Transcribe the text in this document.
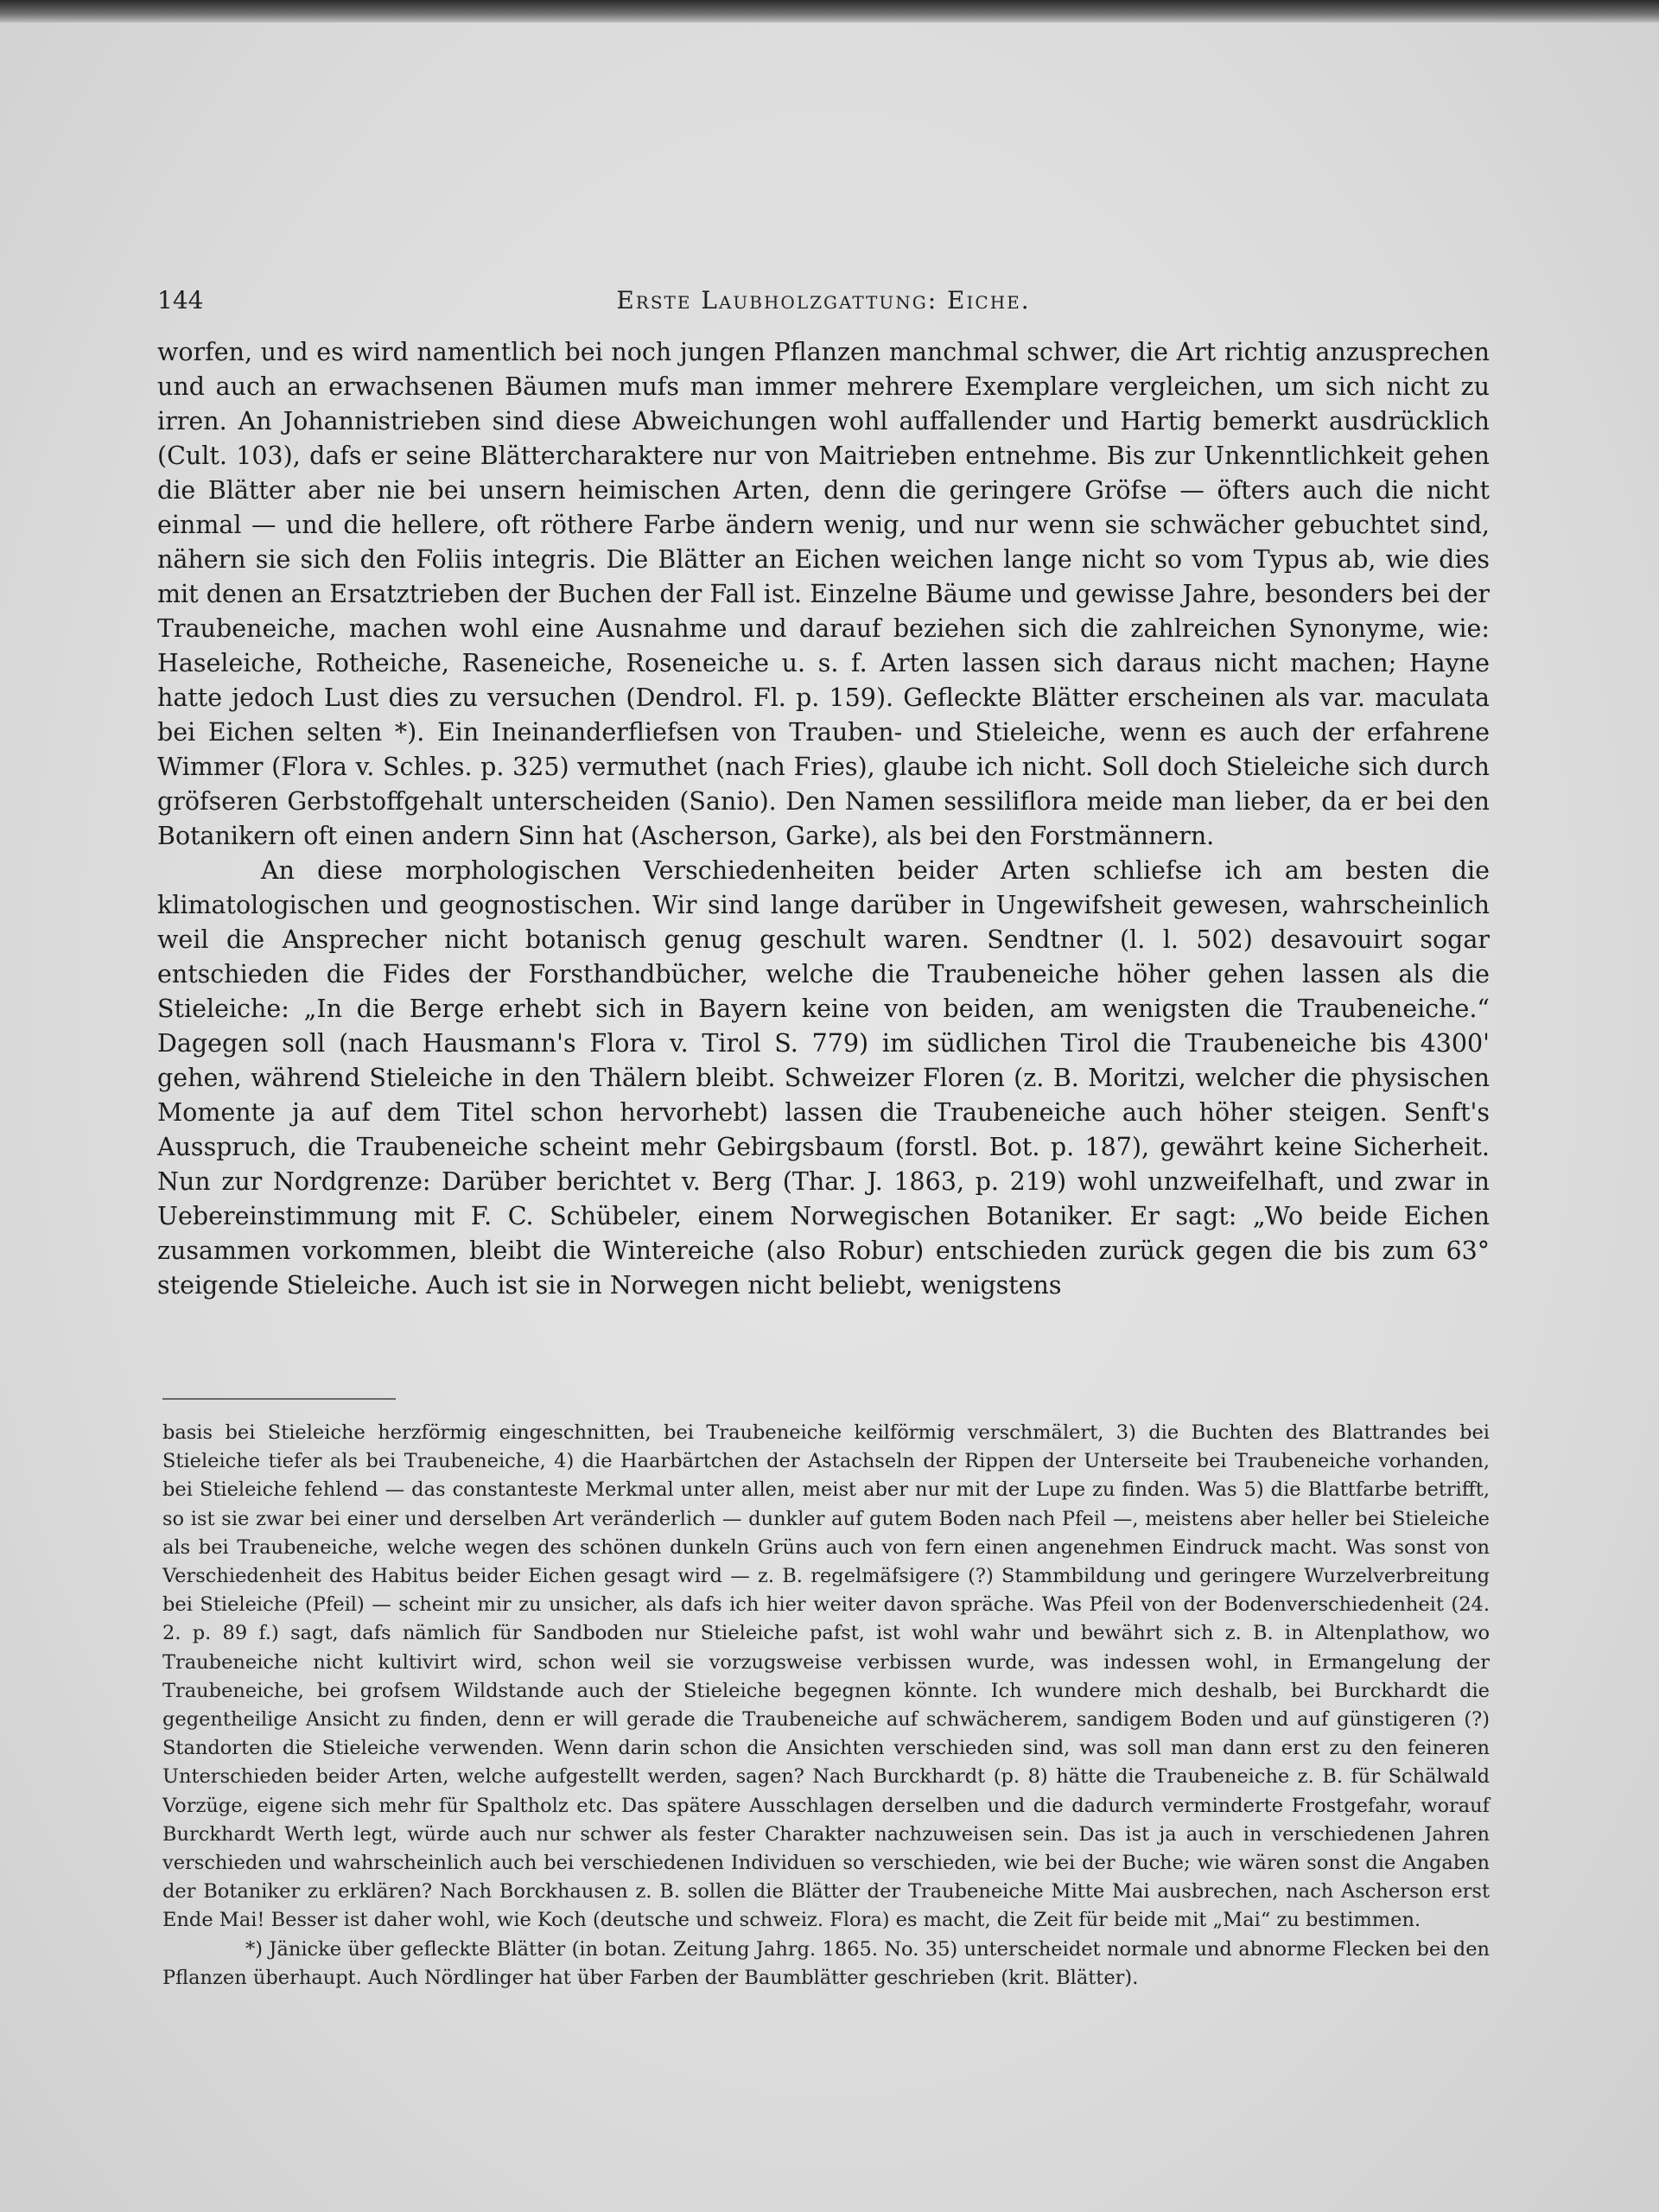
144	Erste Laubholzgattung: Eiche.

worfen, und es wird namentlich bei noch jungen Pflanzen manchmal schwer, die Art richtig anzusprechen und auch an erwachsenen Bäumen mufs man immer mehrere Exemplare vergleichen, um sich nicht zu irren. An Johannistrieben sind diese Abweichungen wohl auffallender und Hartig bemerkt ausdrücklich (Cult. 103), dafs er seine Blättercharaktere nur von Maitrieben entnehme. Bis zur Unkenntlichkeit gehen die Blätter aber nie bei unsern heimischen Arten, denn die geringere Gröfse — öfters auch die nicht einmal — und die hellere, oft röthere Farbe ändern wenig, und nur wenn sie schwächer gebuchtet sind, nähern sie sich den Foliis integris. Die Blätter an Eichen weichen lange nicht so vom Typus ab, wie dies mit denen an Ersatztrieben der Buchen der Fall ist. Einzelne Bäume und gewisse Jahre, besonders bei der Traubeneiche, machen wohl eine Ausnahme und darauf beziehen sich die zahlreichen Synonyme, wie: Haseleiche, Rotheiche, Raseneiche, Roseneiche u. s. f. Arten lassen sich daraus nicht machen; Hayne hatte jedoch Lust dies zu versuchen (Dendrol. Fl. p. 159). Gefleckte Blätter erscheinen als var. maculata bei Eichen selten *). Ein Ineinanderfliefsen von Trauben- und Stieleiche, wenn es auch der erfahrene Wimmer (Flora v. Schles. p. 325) vermuthet (nach Fries), glaube ich nicht. Soll doch Stieleiche sich durch gröfseren Gerbstoffgehalt unterscheiden (Sanio). Den Namen sessiliflora meide man lieber, da er bei den Botanikern oft einen andern Sinn hat (Ascherson, Garke), als bei den Forstmännern.

An diese morphologischen Verschiedenheiten beider Arten schliefse ich am besten die klimatologischen und geognostischen. Wir sind lange darüber in Ungewifsheit gewesen, wahrscheinlich weil die Ansprecher nicht botanisch genug geschult waren. Sendtner (l. l. 502) desavouirt sogar entschieden die Fides der Forsthandbücher, welche die Traubeneiche höher gehen lassen als die Stieleiche: „In die Berge erhebt sich in Bayern keine von beiden, am wenigsten die Traubeneiche.“ Dagegen soll (nach Hausmann's Flora v. Tirol S. 779) im südlichen Tirol die Traubeneiche bis 4300' gehen, während Stieleiche in den Thälern bleibt. Schweizer Floren (z. B. Moritzi, welcher die physischen Momente ja auf dem Titel schon hervorhebt) lassen die Traubeneiche auch höher steigen. Senft's Ausspruch, die Traubeneiche scheint mehr Gebirgsbaum (forstl. Bot. p. 187), gewährt keine Sicherheit. Nun zur Nordgrenze: Darüber berichtet v. Berg (Thar. J. 1863, p. 219) wohl unzweifelhaft, und zwar in Uebereinstimmung mit F. C. Schübeler, einem Norwegischen Botaniker. Er sagt: „Wo beide Eichen zusammen vorkommen, bleibt die Wintereiche (also Robur) entschieden zurück gegen die bis zum 63° steigende Stieleiche. Auch ist sie in Norwegen nicht beliebt, wenigstens

basis bei Stieleiche herzförmig eingeschnitten, bei Traubeneiche keilförmig verschmälert, 3) die Buchten des Blattrandes bei Stieleiche tiefer als bei Traubeneiche, 4) die Haarbärtchen der Astachseln der Rippen der Unterseite bei Traubeneiche vorhanden, bei Stieleiche fehlend — das constanteste Merkmal unter allen, meist aber nur mit der Lupe zu finden. Was 5) die Blattfarbe betrifft, so ist sie zwar bei einer und derselben Art veränderlich — dunkler auf gutem Boden nach Pfeil —, meistens aber heller bei Stieleiche als bei Traubeneiche, welche wegen des schönen dunkeln Grüns auch von fern einen angenehmen Eindruck macht. Was sonst von Verschiedenheit des Habitus beider Eichen gesagt wird — z. B. regelmäfsigere (?) Stammbildung und geringere Wurzelverbreitung bei Stieleiche (Pfeil) — scheint mir zu unsicher, als dafs ich hier weiter davon spräche. Was Pfeil von der Bodenverschiedenheit (24. 2. p. 89 f.) sagt, dafs nämlich für Sandboden nur Stieleiche pafst, ist wohl wahr und bewährt sich z. B. in Altenplathow, wo Traubeneiche nicht kultivirt wird, schon weil sie vorzugsweise verbissen wurde, was indessen wohl, in Ermangelung der Traubeneiche, bei grofsem Wildstande auch der Stieleiche begegnen könnte. Ich wundere mich deshalb, bei Burckhardt die gegentheilige Ansicht zu finden, denn er will gerade die Traubeneiche auf schwächerem, sandigem Boden und auf günstigeren (?) Standorten die Stieleiche verwenden. Wenn darin schon die Ansichten verschieden sind, was soll man dann erst zu den feineren Unterschieden beider Arten, welche aufgestellt werden, sagen? Nach Burckhardt (p. 8) hätte die Traubeneiche z. B. für Schälwald Vorzüge, eigene sich mehr für Spaltholz etc. Das spätere Ausschlagen derselben und die dadurch verminderte Frostgefahr, worauf Burckhardt Werth legt, würde auch nur schwer als fester Charakter nachzuweisen sein. Das ist ja auch in verschiedenen Jahren verschieden und wahrscheinlich auch bei verschiedenen Individuen so verschieden, wie bei der Buche; wie wären sonst die Angaben der Botaniker zu erklären? Nach Borckhausen z. B. sollen die Blätter der Traubeneiche Mitte Mai ausbrechen, nach Ascherson erst Ende Mai! Besser ist daher wohl, wie Koch (deutsche und schweiz. Flora) es macht, die Zeit für beide mit „Mai“ zu bestimmen.

*) Jänicke über gefleckte Blätter (in botan. Zeitung Jahrg. 1865. No. 35) unterscheidet normale und abnorme Flecken bei den Pflanzen überhaupt. Auch Nördlinger hat über Farben der Baumblätter geschrieben (krit. Blätter).
